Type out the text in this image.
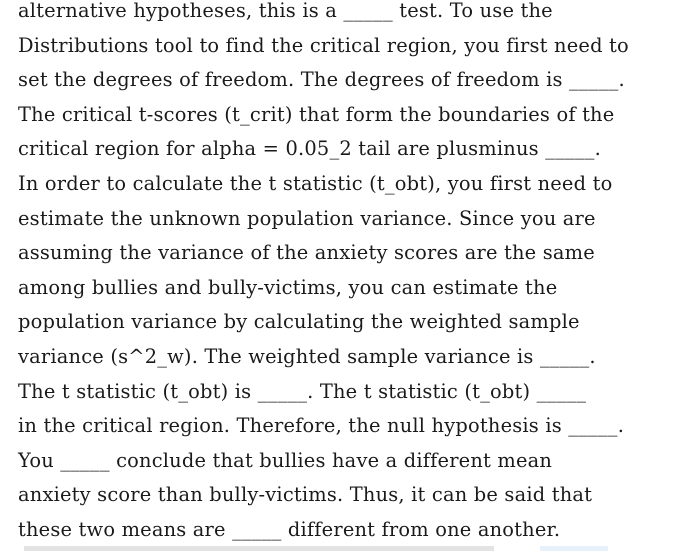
alternative hypotheses, this is a _____ test. To use the
Distributions tool to find the critical region, you first need to
set the degrees of freedom. The degrees of freedom is _____.
The critical t-scores (t_crit) that form the boundaries of the
critical region for alpha = 0.05_2 tail are plusminus _____.
In order to calculate the t statistic (t_obt), you first need to
estimate the unknown population variance. Since you are
assuming the variance of the anxiety scores are the same
among bullies and bully-victims, you can estimate the
population variance by calculating the weighted sample
variance (s^2_w). The weighted sample variance is _____.
The t statistic (t_obt) is _____. The t statistic (t_obt) _____
in the critical region. Therefore, the null hypothesis is _____.
You _____ conclude that bullies have a different mean
anxiety score than bully-victims. Thus, it can be said that
these two means are _____ different from one another.
